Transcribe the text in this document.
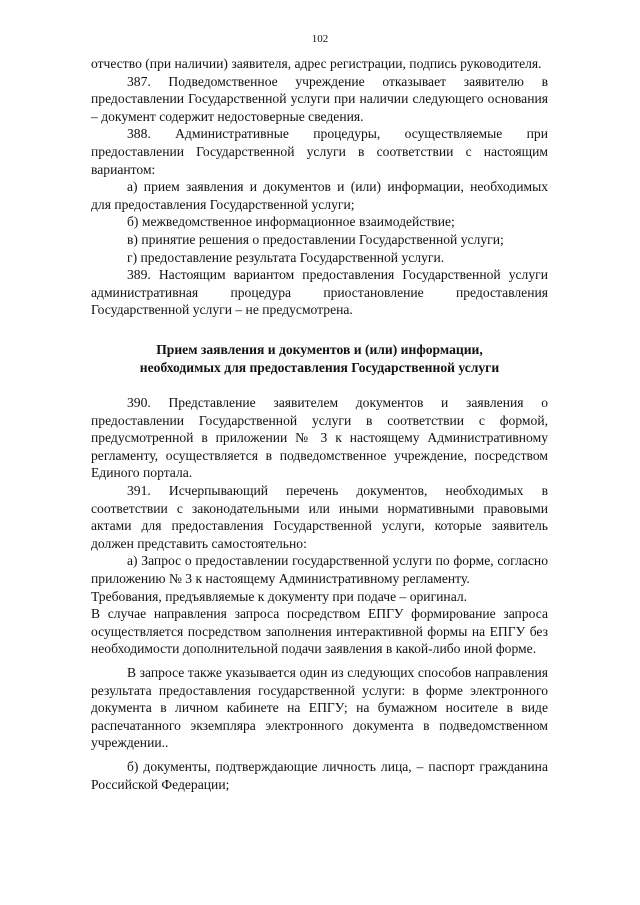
102

отчество (при наличии) заявителя, адрес регистрации, подпись руководителя.

387. Подведомственное учреждение отказывает заявителю в предоставлении Государственной услуги при наличии следующего основания – документ содержит недостоверные сведения.

388. Административные процедуры, осуществляемые при предоставлении Государственной услуги в соответствии с настоящим вариантом:

а) прием заявления и документов и (или) информации, необходимых для предоставления Государственной услуги;

б) межведомственное информационное взаимодействие;

в) принятие решения о предоставлении Государственной услуги;

г) предоставление результата Государственной услуги.

389. Настоящим вариантом предоставления Государственной услуги административная процедура приостановление предоставления Государственной услуги – не предусмотрена.

Прием заявления и документов и (или) информации,
необходимых для предоставления Государственной услуги

390. Представление заявителем документов и заявления о предоставлении Государственной услуги в соответствии с формой, предусмотренной в приложении № 3 к настоящему Административному регламенту, осуществляется в подведомственное учреждение, посредством Единого портала.

391. Исчерпывающий перечень документов, необходимых в соответствии с законодательными или иными нормативными правовыми актами для предоставления Государственной услуги, которые заявитель должен представить самостоятельно:

а) Запрос о предоставлении государственной услуги по форме, согласно приложению № 3 к настоящему Административному регламенту.

Требования, предъявляемые к документу при подаче – оригинал.

В случае направления запроса посредством ЕПГУ формирование запроса осуществляется посредством заполнения интерактивной формы на ЕПГУ без необходимости дополнительной подачи заявления в какой-либо иной форме.

В запросе также указывается один из следующих способов направления результата предоставления государственной услуги: в форме электронного документа в личном кабинете на ЕПГУ; на бумажном носителе в виде распечатанного экземпляра электронного документа в подведомственном учреждении..

б) документы, подтверждающие личность лица, – паспорт гражданина Российской Федерации;
